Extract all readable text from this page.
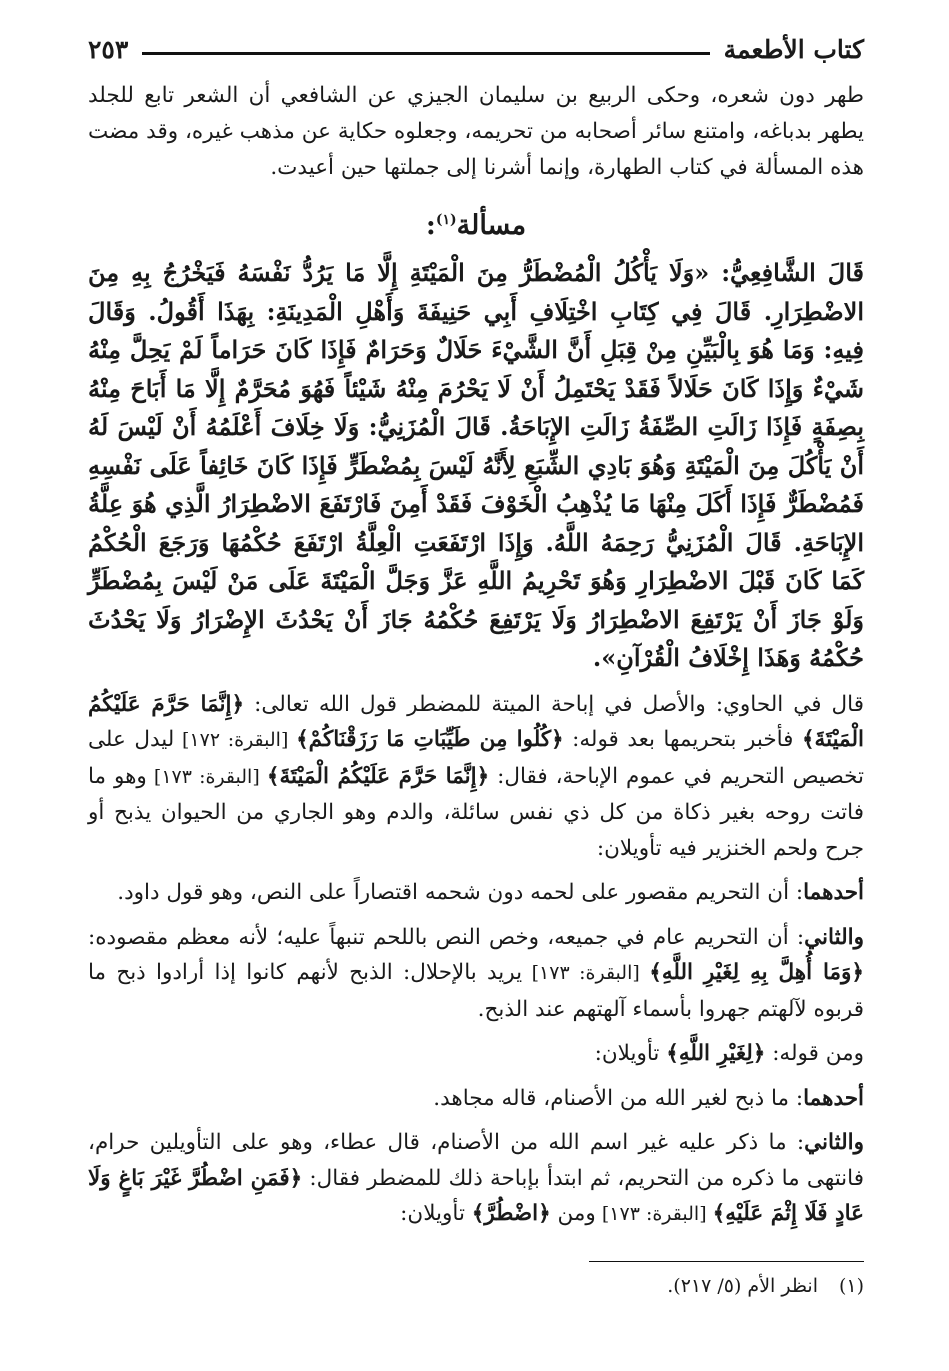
كتاب الأطعمة
٢٥٣

طهر دون شعره، وحكى الربيع بن سليمان الجيزي عن الشافعي أن الشعر تابع للجلد يطهر بدباغه، وامتنع سائر أصحابه من تحريمه، وجعلوه حكاية عن مذهب غيره، وقد مضت هذه المسألة في كتاب الطهارة، وإنما أشرنا إلى جملتها حين أعيدت.

مسألة$^{(١)}$:

قَالَ الشَّافِعِيُّ: «وَلَا يَأْكُلُ الْمُضْطَرُّ مِنَ الْمَيْتَةِ إِلَّا مَا يَرُدُّ نَفْسَهُ فَيَخْرُجُ بِهِ مِنَ الاضْطِرَارِ. قَالَ فِي كِتَابِ اخْتِلَافِ أَبِي حَنِيفَةَ وَأَهْلِ الْمَدِينَةِ: بِهَذَا أَقُولُ. وَقَالَ فِيهِ: وَمَا هُوَ بِالْبَيِّنِ مِنْ قِبَلِ أَنَّ الشَّيْءَ حَلَالٌ وَحَرَامٌ فَإِذَا كَانَ حَرَاماً لَمْ يَحِلَّ مِنْهُ شَيْءٌ وَإِذَا كَانَ حَلَالاً فَقَدْ يَحْتَمِلُ أَنْ لَا يَحْرُمَ مِنْهُ شَيْئاً فَهُوَ مُحَرَّمٌ إِلَّا مَا أَبَاحَ مِنْهُ بِصِفَةٍ فَإِذَا زَالَتِ الصِّفَةُ زَالَتِ الإِبَاحَةُ. قَالَ الْمُزَنِيُّ: وَلَا خِلَافَ أَعْلَمُهُ أَنْ لَيْسَ لَهُ أَنْ يَأْكُلَ مِنَ الْمَيْتَةِ وَهُوَ بَادِي الشِّبَعِ لِأَنَّهُ لَيْسَ بِمُضْطَرٍّ فَإِذَا كَانَ خَائِفاً عَلَى نَفْسِهِ فَمُضْطَرٌّ فَإِذَا أَكَلَ مِنْهَا مَا يُذْهِبُ الْخَوْفَ فَقَدْ أَمِنَ فَارْتَفَعَ الاضْطِرَارُ الَّذِي هُوَ عِلَّةُ الإِبَاحَةِ. قَالَ الْمُزَنِيُّ رَحِمَهُ اللَّهُ. وَإِذَا ارْتَفَعَتِ الْعِلَّةُ ارْتَفَعَ حُكْمُهَا وَرَجَعَ الْحُكْمُ كَمَا كَانَ قَبْلَ الاضْطِرَارِ وَهُوَ تَحْرِيمُ اللَّهِ عَزَّ وَجَلَّ الْمَيْتَةَ عَلَى مَنْ لَيْسَ بِمُضْطَرٍّ وَلَوْ جَازَ أَنْ يَرْتَفِعَ الاضْطِرَارُ وَلَا يَرْتَفِعَ حُكْمُهُ جَازَ أَنْ يَحْدُثَ الإِضْرَارُ وَلَا يَحْدُثَ حُكْمُهُ وَهَذَا إِخْلَافُ الْقُرْآنِ».

قال في الحاوي: والأصل في إباحة الميتة للمضطر قول الله تعالى: ﴿إِنَّمَا حَرَّمَ عَلَيْكُمُ الْمَيْتَةَ﴾ فأخبر بتحريمها بعد قوله: ﴿كُلُوا مِن طَيِّبَاتِ مَا رَزَقْنَاكُمْ﴾ [البقرة: ١٧٢] ليدل على تخصيص التحريم في عموم الإباحة، فقال: ﴿إِنَّمَا حَرَّمَ عَلَيْكُمُ الْمَيْتَةَ﴾ [البقرة: ١٧٣] وهو ما فاتت روحه بغير ذكاة من كل ذي نفس سائلة، والدم وهو الجاري من الحيوان يذبح أو جرح ولحم الخنزير فيه تأويلان:

أحدهما: أن التحريم مقصور على لحمه دون شحمه اقتصاراً على النص، وهو قول داود.

والثاني: أن التحريم عام في جميعه، وخص النص باللحم تنبهاً عليه؛ لأنه معظم مقصوده: ﴿وَمَا أُهِلَّ بِهِ لِغَيْرِ اللَّهِ﴾ [البقرة: ١٧٣] يريد بالإحلال: الذبح لأنهم كانوا إذا أرادوا ذبح ما قربوه لآلهتم جهروا بأسماء آلهتهم عند الذبح.

ومن قوله: ﴿لِغَيْرِ اللَّهِ﴾ تأويلان:

أحدهما: ما ذبح لغير الله من الأصنام، قاله مجاهد.

والثاني: ما ذكر عليه غير اسم الله من الأصنام، قال عطاء، وهو على التأويلين حرام، فانتهى ما ذكره من التحريم، ثم ابتدأ بإباحة ذلك للمضطر فقال: ﴿فَمَنِ اضْطُرَّ غَيْرَ بَاغٍ وَلَا عَادٍ فَلَا إِثْمَ عَلَيْهِ﴾ [البقرة: ١٧٣] ومن ﴿اضْطُرَّ﴾ تأويلان:

(١)انظر الأم (٥/ ٢١٧).
